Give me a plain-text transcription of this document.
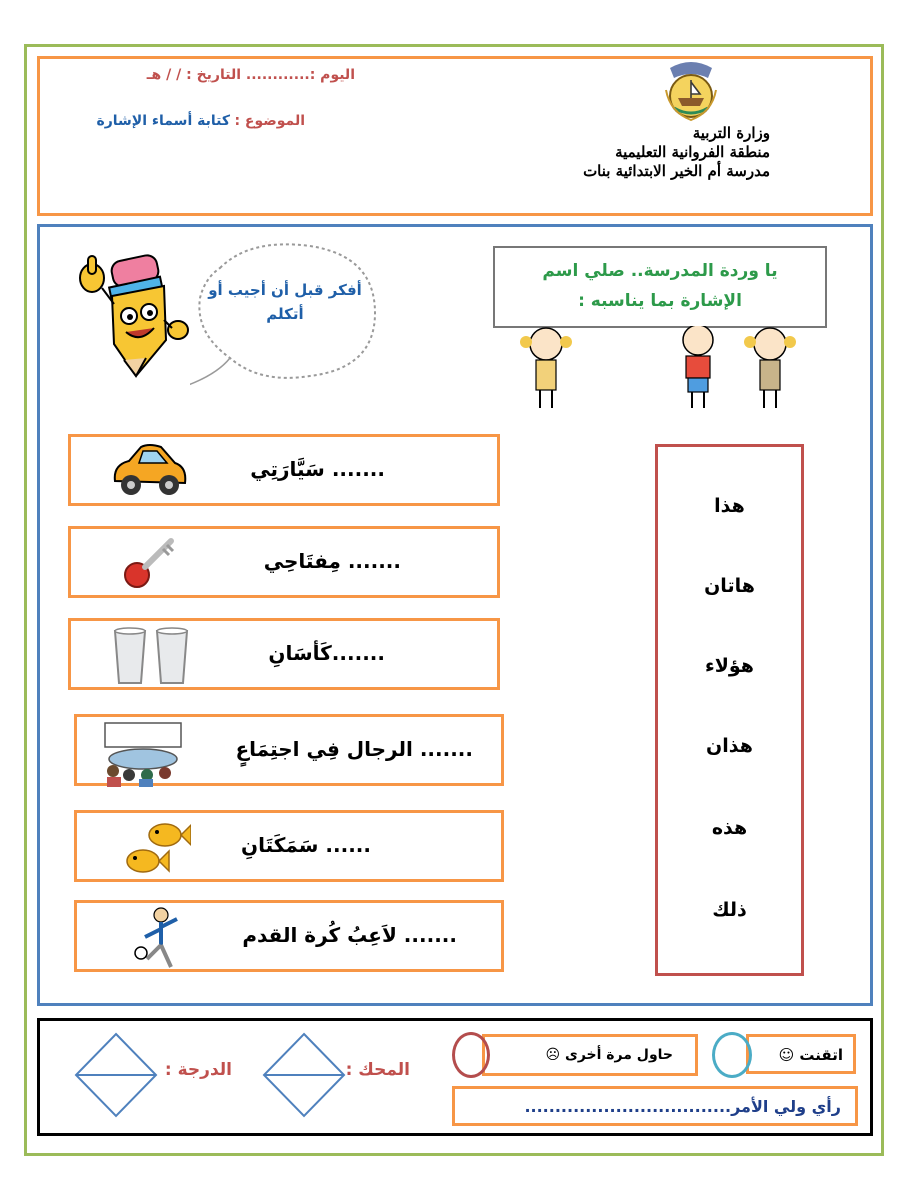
اليوم :............ التاريخ : / / هـ
الموضوع : كتابة أسماء الإشارة
وزارة التربية
منطقة الفروانية التعليمية
مدرسة أم الخير الابتدائية بنات
أفكر قبل أن أجيب أو
أتكلم
يا وردة المدرسة.. صلي اسم
الإشارة بما يناسبه :
....... سَيَّارَتِي
....... مِفتَاحِي
.......كَأسَانِ
....... الرجال فِي اجتِمَاعٍ
...... سَمَكَتَانِ
....... لاَعِبُ كُرة القدم
هذا
هاتان
هؤلاء
هذان
هذه
ذلك
اتقنت ☺
حاول مرة أخرى ☹
رأي ولي الأمر..................................
المحك :
الدرجة :
